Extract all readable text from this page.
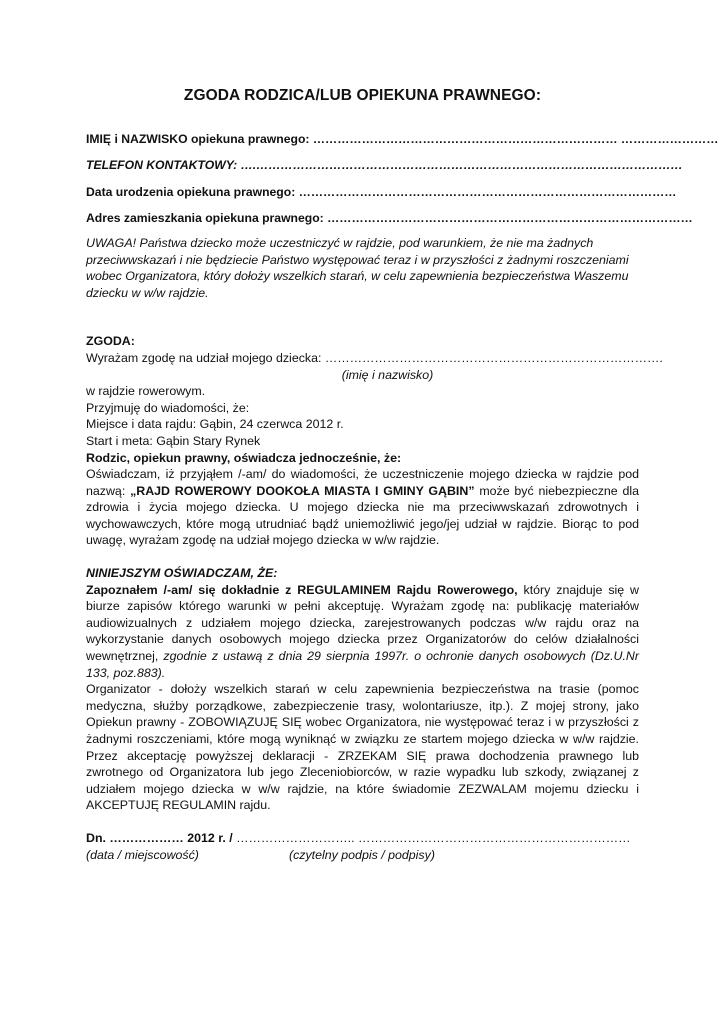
ZGODA RODZICA/LUB OPIEKUNA PRAWNEGO:
IMIĘ i NAZWISKO opiekuna prawnego: ………………………………………………………………… ……………………
TELEFON KONTAKTOWY: ….……………………………………………………………………………………………
Data urodzenia opiekuna prawnego: …………………………………………………………………………………
Adres zamieszkania opiekuna prawnego: ………………………………………………………………………………
UWAGA! Państwa dziecko może uczestniczyć w rajdzie, pod warunkiem, że nie ma żadnych przeciwwskazań i nie będziecie Państwo występować teraz i w przyszłości z żadnymi roszczeniami wobec Organizatora, który dołoży wszelkich starań, w celu zapewnienia bezpieczeństwa Waszemu dziecku w w/w rajdzie.
ZGODA:
Wyrażam zgodę na udział mojego dziecka: ……………………………………………………………………….
(imię i nazwisko)
w rajdzie rowerowym.
Przyjmuję do wiadomości, że:
Miejsce i data rajdu: Gąbin, 24 czerwca 2012 r.
Start i meta: Gąbin Stary Rynek
Rodzic, opiekun prawny, oświadcza jednocześnie, że:
Oświadczam, iż przyjąłem /-am/ do wiadomości, że uczestniczenie mojego dziecka w rajdzie pod nazwą: „RAJD ROWEROWY DOOKOŁA MIASTA I GMINY GĄBIN” może być niebezpieczne dla zdrowia i życia mojego dziecka. U mojego dziecka nie ma przeciwwskazań zdrowotnych i wychowawczych, które mogą utrudniać bądź uniemożliwić jego/jej udział w rajdzie. Biorąc to pod uwagę, wyrażam zgodę na udział mojego dziecka w w/w rajdzie.
NINIEJSZYM OŚWIADCZAM, ŻE:
Zapoznałem /-am/ się dokładnie z REGULAMINEM Rajdu Rowerowego, który znajduje się w biurze zapisów którego warunki w pełni akceptuję. Wyrażam zgodę na: publikację materiałów audiowizualnych z udziałem mojego dziecka, zarejestrowanych podczas w/w rajdu oraz na wykorzystanie danych osobowych mojego dziecka przez Organizatorów do celów działalności wewnętrznej, zgodnie z ustawą z dnia 29 sierpnia 1997r. o ochronie danych osobowych (Dz.U.Nr 133, poz.883).
Organizator - dołoży wszelkich starań w celu zapewnienia bezpieczeństwa na trasie (pomoc medyczna, służby porządkowe, zabezpieczenie trasy, wolontariusze, itp.). Z mojej strony, jako Opiekun prawny - ZOBOWIĄZUJĘ SIĘ wobec Organizatora, nie występować teraz i w przyszłości z żadnymi roszczeniami, które mogą wyniknąć w związku ze startem mojego dziecka w w/w rajdzie. Przez akceptację powyższej deklaracji - ZRZEKAM SIĘ prawa dochodzenia prawnego lub zwrotnego od Organizatora lub jego Zleceniobiorców, w razie wypadku lub szkody, związanej z udziałem mojego dziecka w w/w rajdzie, na które świadomie ZEZWALAM mojemu dziecku i AKCEPTUJĘ REGULAMIN rajdu.
Dn. ……………… 2012 r. / ……………………….. …………………………………………………………
(data / miejscowość)	(czytelny podpis / podpisy)
